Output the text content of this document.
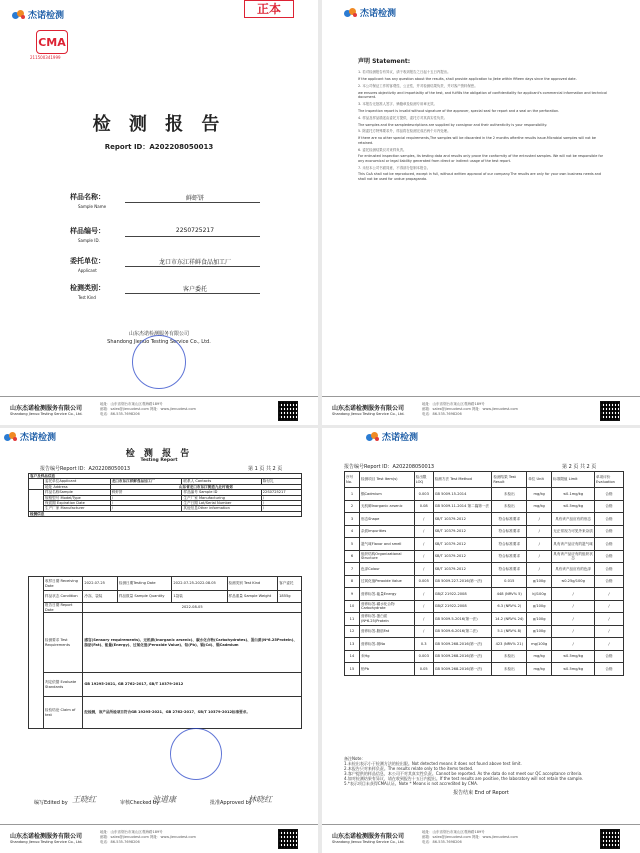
杰诺检测	正本
CMA
211500341999
检 测 报 告
Report ID：A202208050013
样品名称：
Sample Name
鲜虾饼
样品编号：
Sample ID.
22S0725217
委托单位：
Applicant
龙口市东江祥鲜食品加工厂
检测类别：
Test Kind
客户委托
山东杰诺检测服务有限公司
Shandong Jienuo Testing Service Co., Ltd.
山东杰诺检测服务有限公司
Shandong Jienuo Testing Service Co., Ltd.
地址：山东省烟台市莱山区观海路189号
邮箱：sales@jienuotest.com 网址：www.jienuotest.com
电话：86-535-7698206
杰诺检测
声明 Statement:

1. 若对检测报告有异议，请于收到报告之日起十五日内提出。

If the applicant has any question about the results, shall provide application to Jieke within fifteen days since the approved date.

2. 本公司保证工作的客观性、公正性，并对检测结果负责，并对客户资料保密。

we ensures objectivity and impartiality of the test, and fulfills the obligation of confidentiality for applicant's commercial information and technical document.

3. 本报告无批准人签字、骑缝章及检测专用章无效。

The inspection report is invalid without signature of the approver, special seal for report and a seal on the perforation.

4. 样品及样品描述由委托方提供，委托方对其真实性负责。

The samples and the sampledescriptions are supplied by consignor and their authenticity is your responsibility.

5. 除委托方特殊要求外，样品将在检测完成后两个月内处理。

If there are no other special requirements,The samples will be discarded in the 2 months afterthe results issue.Microbial samples will not be retained.

6. 委托检测结果仅对来样负责。

For entrusted inspection samples, its testing data and results only prove the conformity of the entrusted samples. We will not be responsible for any economical or legal liability generated from direct or indirect usage of the test report.

7. 未经本公司书面同意，不得部分复制本报告。

This CoA shall not be reproduced, except in full, without written approval of our company.The results are only for your own business needs and shall not be used for undue propaganda.

山东杰诺检测服务有限公司
Shandong Jienuo Testing Service Co., Ltd.
地址：山东省烟台市莱山区观海路189号
邮箱：sales@jienuotest.com 网址：www.jienuotest.com
电话：86-535-7698206
杰诺检测
检 测 报 告
Testing Report
报告编号Report ID：A202208050013	第 1 页 共 2 页
客户及样品信息				
	委托单位Applicant	龙口市东江祥鲜食品加工厂	联系人 Contacts	陈付礼
	地址 Address	山东省龙口市东江街道九北村南郊		
	样品名称Sample	鲜虾饼	样品编号 Sample ID	22S0725217
	规格型号 Model/Type	/	生产厂家 Manufacturing	/
	保质期 Expiration Date	/	生产日期 Lot/Serial Number	/
	生产厂家 Manufacturer	/	其他信息Other information	/
检测信息				
	收样日期 Receiving Date	2022.07.25	检测日期Testing Date	2022.07.25-2022.08.05	检测类别 Test Kind	客户委托
	样品状态 Condition	冷冻，袋装	样品数量 Sample Quantity	1袋装	样品重量 Sample Weight	1855g
	报告日期 Report Date	2022-08-05				
	检测要求 Test Requirements	感官(Sensory requirements)、无机砷(Inorganic arsenic)、碳水化合物(Carbohydrates)、蛋白质(N*6.25Protein)、脂肪(Fat)、能量(Energy)、过氧化值(Peroxide Value)、铅(Pb)、镉(Cd)、镉Cadmium				
	判定依据 Evaluate Standards	GB 19295-2021, GB 2762-2017, SB/T 10379-2012				
	检验结论 Claim of test	经检测，该产品所检项目符合GB 19295-2021、GB 2762-2017、SB/T 10379-2012标准要求。				
编写Edited by 王晓红	审核Checked by
池道康	批准Approved by
林晓红
山东杰诺检测服务有限公司
Shandong Jienuo Testing Service Co., Ltd.
地址：山东省烟台市莱山区观海路189号
邮箱：sales@jienuotest.com 网址：www.jienuotest.com
电话：86-535-7698206
杰诺检测
报告编号Report ID：A202208050013	第 2 页 共 2 页
序号 No.	检测项目 Test Item(s)	检出限 LOQ	检测方法 Test Method	检测结果 Test Result	单位 Unit	标准限值 Limit	单项评价 Evaluation
1	镉Cadmium	0.003	GB 5009.15-2014	未检出	mg/kg	≤0.1mg/kg	合格
2	无机砷Inorganic arsenic	0.08	GB 5009.11-2014 第二篇第一法	未检出	mg/kg	≤0.5mg/kg	合格
3	形态Shape	/	SB/T 10379-2012	符合标准要求	/	具有该产品应有的形态	合格
4	杂质Impurities	/	SB/T 10379-2012	符合标准要求	/	无正常视力可见外来杂质	合格
5	滋气味Flavor and smell	/	SB/T 10379-2012	符合标准要求	/	具有该产品应有的滋气味	合格
6	组织结构Organizational Structure	/	SB/T 10379-2012	符合标准要求	/	具有该产品应有的组织状态	合格
7	色泽Colour	/	SB/T 10379-2012	符合标准要求	/	具有该产品应有的色泽	合格
8	过氧化值Peroxide Value	0.005	GB 5009.227-2016(第一法)	0.015	g/100g	≤0.25g/100g	合格
9	营养标签-能量Energy	/	GB/Z 21922-2008	448 (NRV% 5)	kJ/100g	/	/
10	营养标签-碳水化合物Carbohydrate	/	GB/Z 21922-2008	6.3 (NRV% 2)	g/100g	/	/
11	营养标签-蛋白质(N*6.25)Protein	/	GB 5009.5-2016(第一法)	14.2 (NRV% 24)	g/100g	/	/
12	营养标签-脂肪Fat	/	GB 5009.6-2016(第二法)	5.1 (NRV% 8)	g/100g	/	/
13	营养标签-钠Na	0.3	GB 5009.268-2016(第一法)	423 (NRV% 21)	mg/100g	/	/
14	汞Hg	0.003	GB 5009.268-2016(第一法)	未检出	mg/kg	≤0.5mg/kg	合格
15	铅Pb	0.05	GB 5009.268-2016(第一法)	未检出	mg/kg	≤0.5mg/kg	合格
备注Note：
1.未检出表示小于检测方法的检出限。Not detected means it does not found above test limit.
2.本报告只对来样负责。The results relate only to the items tested.
3.客户提供的样品信息，本公司不对其真实性负责。Cannot be reported. As the data do not meet our QC acceptance criteria.
4.如对检测结果有异议，请在收到报告十五日内提出。If the test results are positive, the laboratory will not retain the sample.
5.*表示项目未获得CMA认证。Note * Means is not accredited by CMA.
报告结束 End of Report
山东杰诺检测服务有限公司
Shandong Jienuo Testing Service Co., Ltd.
地址：山东省烟台市莱山区观海路189号
邮箱：sales@jienuotest.com 网址：www.jienuotest.com
电话：86-535-7698206
